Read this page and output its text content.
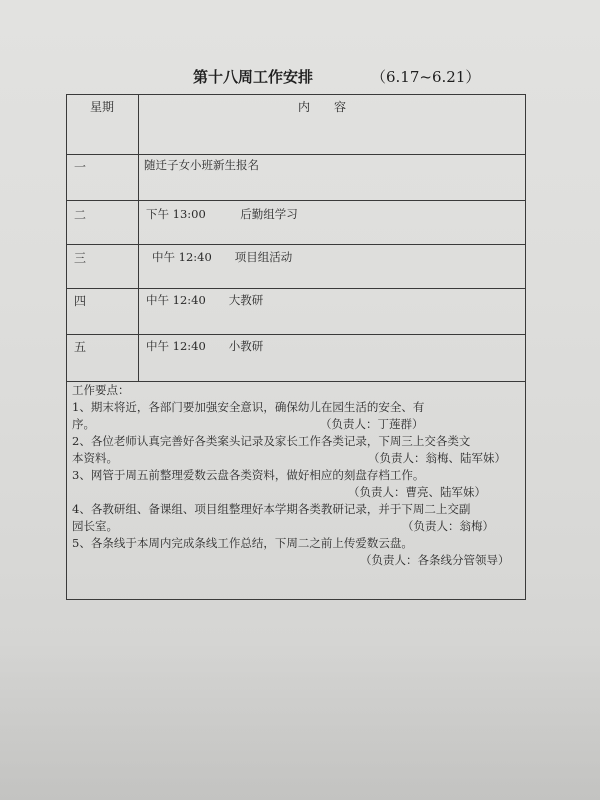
第十八周工作安排	（6.17~6.21）
星期	内　　容
一	随迁子女小班新生报名
二	下午 13:00　　　后勤组学习
三	中午 12:40　　项目组活动
四	中午 12:40　　大教研
五	中午 12:40　　小教研
工作要点：
1、期末将近，各部门要加强安全意识，确保幼儿在园生活的安全、有
序。	（负责人：丁莲群）
2、各位老师认真完善好各类案头记录及家长工作各类记录，下周三上交各类文
本资料。	（负责人：翁梅、陆军妹）
3、网管于周五前整理爱数云盘各类资料，做好相应的刻盘存档工作。
（负责人：曹亮、陆军妹）
4、各教研组、备课组、项目组整理好本学期各类教研记录，并于下周二上交副
园长室。	（负责人：翁梅）
5、各条线于本周内完成条线工作总结，下周二之前上传爱数云盘。
（负责人：各条线分管领导）
